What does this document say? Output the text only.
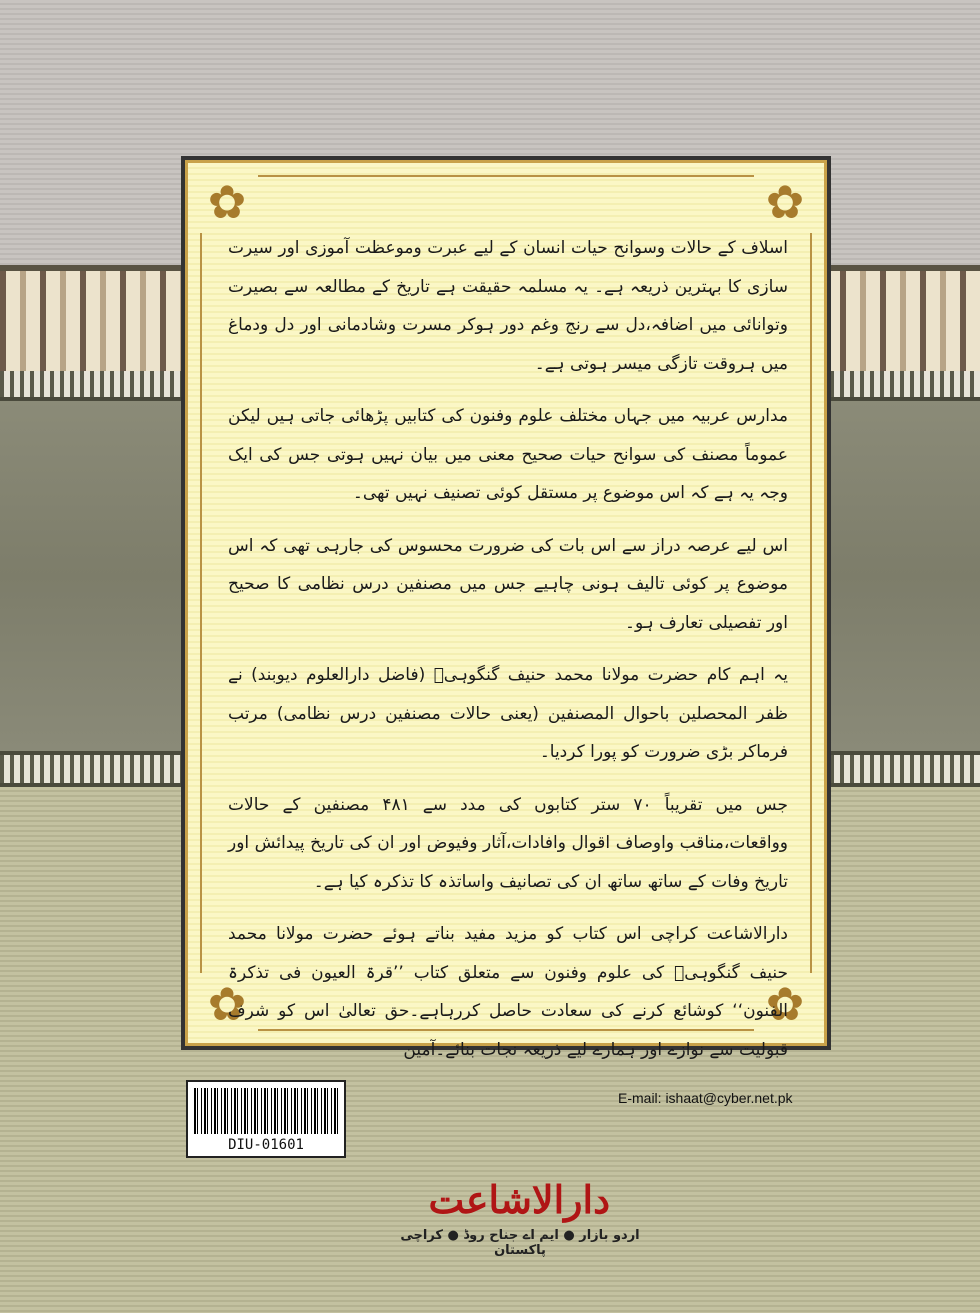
✿	✿
✿	✿

اسلاف کے حالات وسوانح حیات انسان کے لیے عبرت وموعظت آموزی اور سیرت سازی کا بہترین ذریعہ ہے۔ یہ مسلمہ حقیقت ہے تاریخ کے مطالعہ سے بصیرت وتوانائی میں اضافہ،دل سے رنج وغم دور ہوکر مسرت وشادمانی اور دل ودماغ میں ہروقت تازگی میسر ہوتی ہے۔

مدارس عربیہ میں جہاں مختلف علوم وفنون کی کتابیں پڑھائی جاتی ہیں لیکن عموماً مصنف کی سوانح حیات صحیح معنی میں بیان نہیں ہوتی جس کی ایک وجہ یہ ہے کہ اس موضوع پر مستقل کوئی تصنیف نہیں تھی۔

اس لیے عرصہ دراز سے اس بات کی ضرورت محسوس کی جارہی تھی کہ اس موضوع پر کوئی تالیف ہونی چاہیے جس میں مصنفین درس نظامی کا صحیح اور تفصیلی تعارف ہو۔

یہ اہم کام حضرت مولانا محمد حنیف گنگوہیؒ (فاضل دارالعلوم دیوبند) نے ظفر المحصلین باحوال المصنفین (یعنی حالات مصنفین درس نظامی) مرتب فرماکر بڑی ضرورت کو پورا کردیا۔

جس میں تقریباً ۷۰ ستر کتابوں کی مدد سے ۴۸۱ مصنفین کے حالات وواقعات،مناقب واوصاف اقوال وافادات،آثار وفیوض اور ان کی تاریخ پیدائش اور تاریخ وفات کے ساتھ ساتھ ان کی تصانیف واساتذہ کا تذکرہ کیا ہے۔

دارالاشاعت کراچی اس کتاب کو مزید مفید بناتے ہوئے حضرت مولانا محمد حنیف گنگوہیؒ کی علوم وفنون سے متعلق کتاب ’’قرۃ العیون فی تذکرۃ الفنون‘‘ کوشائع کرنے کی سعادت حاصل کررہاہے۔حق تعالیٰ اس کو شرف قبولیت سے نوازے اور ہمارے لیے ذریعہ نجات بنائے۔آمین

DIU-01601
E-mail: ishaat@cyber.net.pk
دارالاشاعت
اردو بازار ● ایم اے جناح روڈ ● کراچی پاکستان
